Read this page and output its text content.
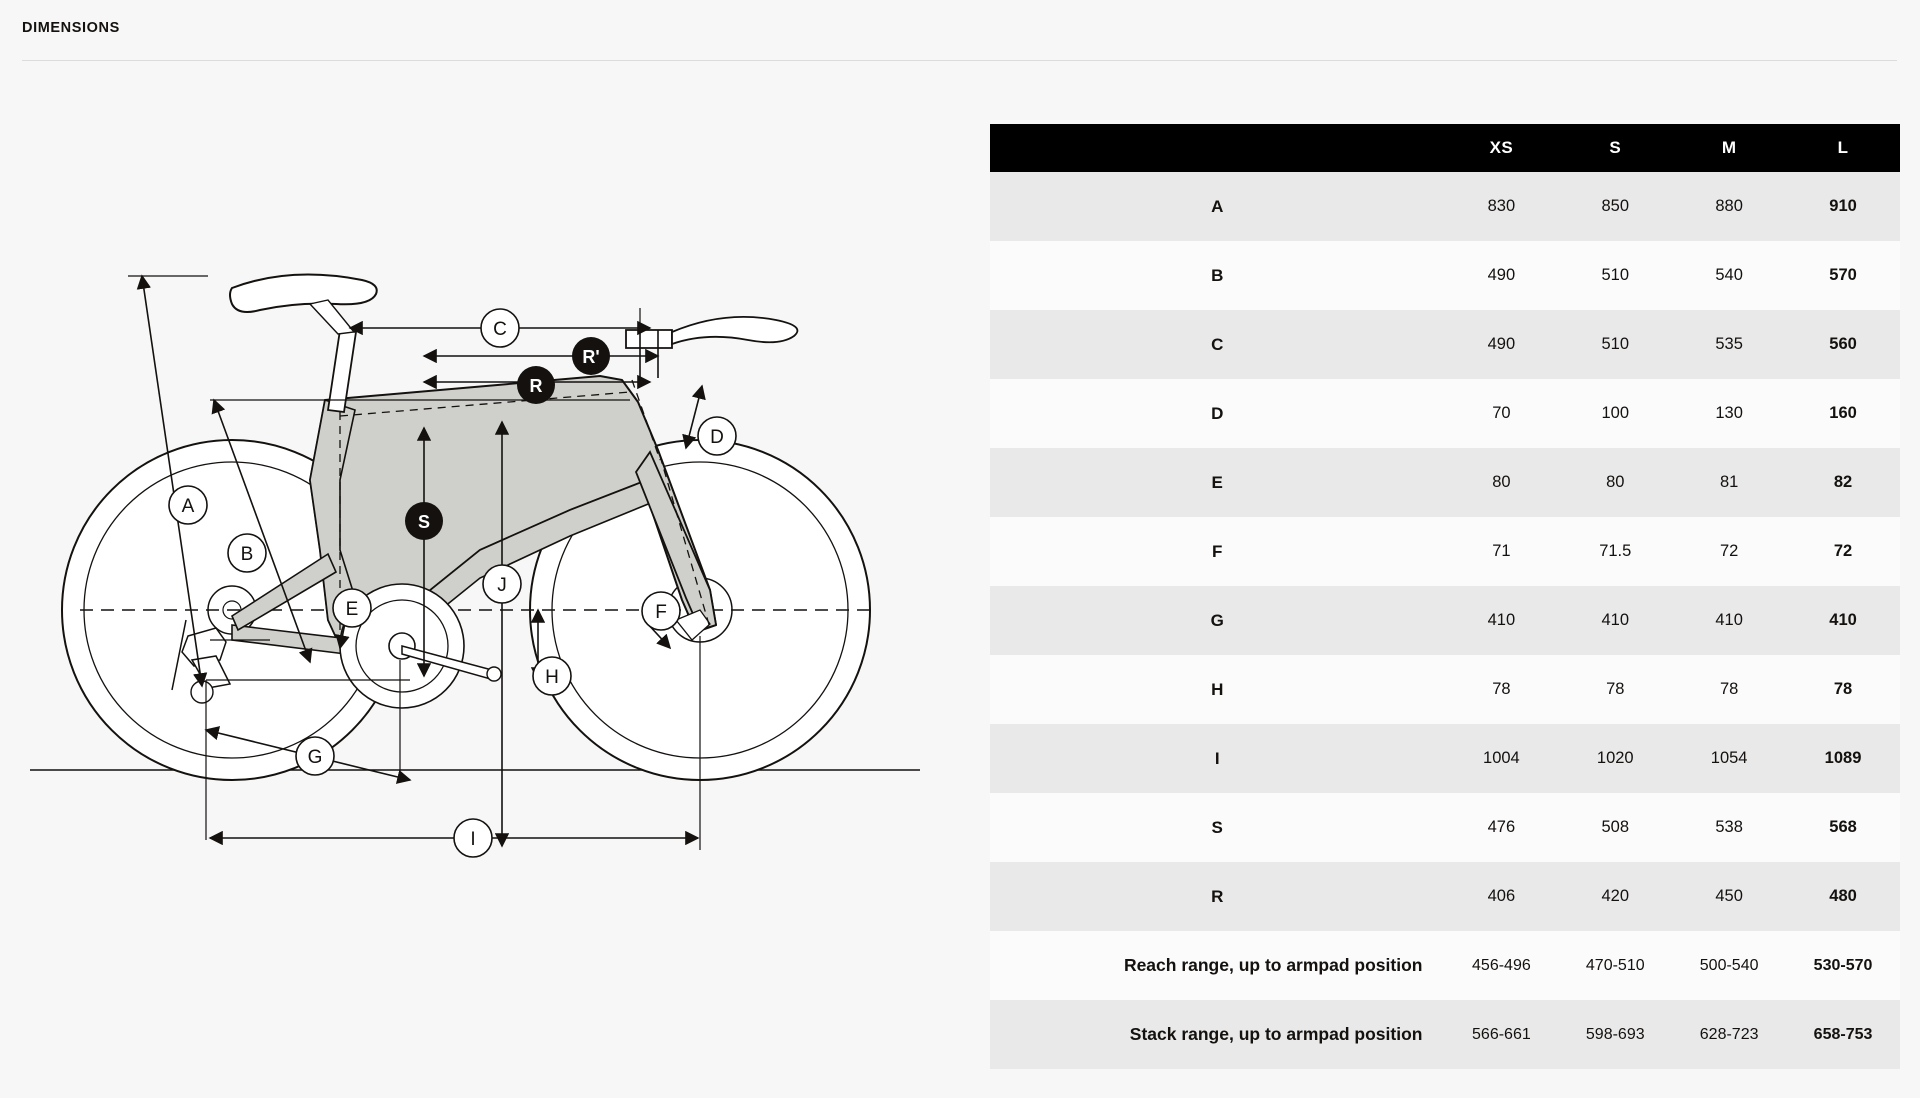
DIMENSIONS
C
R'
R
D
A
B
S
J
E	F
H
G
I
	XS	S	M	L
A	830	850	880	910
B	490	510	540	570
C	490	510	535	560
D	70	100	130	160
E	80	80	81	82
F	71	71.5	72	72
G	410	410	410	410
H	78	78	78	78
I	1004	1020	1054	1089
S	476	508	538	568
R	406	420	450	480
Reach range, up to armpad position	456-496	470-510	500-540	530-570
Stack range, up to armpad position	566-661	598-693	628-723	658-753
